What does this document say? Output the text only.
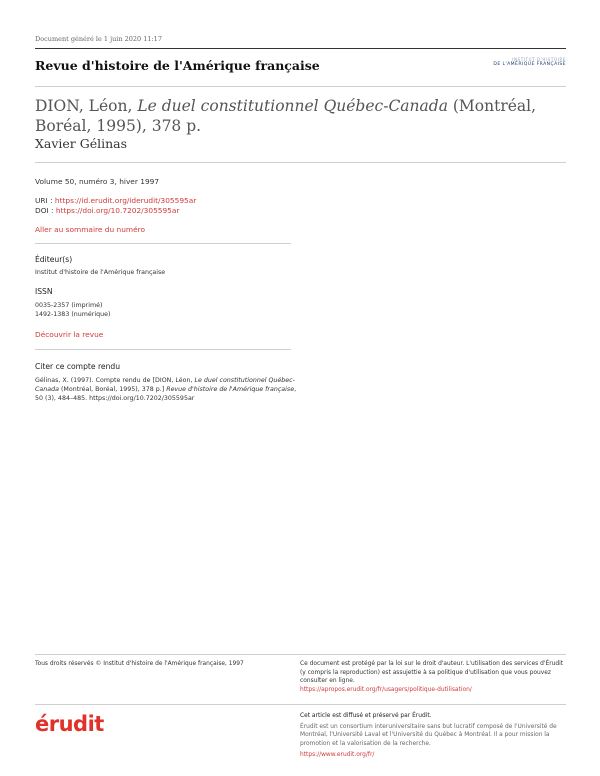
Document généré le 1 juin 2020 11:17
Revue d'histoire de l'Amérique française	INSTITUT D'HISTOIRE
DE L'AMÉRIQUE FRANÇAISE
DION, Léon, Le duel constitutionnel Québec-Canada (Montréal, Boréal, 1995), 378 p.
Xavier Gélinas
Volume 50, numéro 3, hiver 1997
URI : https://id.erudit.org/iderudit/305595ar
DOI : https://doi.org/10.7202/305595ar
Aller au sommaire du numéro
Éditeur(s)
Institut d'histoire de l'Amérique française
ISSN
0035-2357 (imprimé)
1492-1383 (numérique)
Découvrir la revue
Citer ce compte rendu
Gélinas, X. (1997). Compte rendu de [DION, Léon, Le duel constitutionnel Québec-Canada (Montréal, Boréal, 1995), 378 p.] Revue d'histoire de l'Amérique française, 50 (3), 484–485. https://doi.org/10.7202/305595ar
Tous droits réservés © Institut d'histoire de l'Amérique française, 1997	Ce document est protégé par la loi sur le droit d'auteur. L'utilisation des services d'Érudit (y compris la reproduction) est assujettie à sa politique d'utilisation que vous pouvez consulter en ligne.
https://apropos.erudit.org/fr/usagers/politique-dutilisation/
érudit	Cet article est diffusé et préservé par Érudit.
Érudit est un consortium interuniversitaire sans but lucratif composé de l'Université de Montréal, l'Université Laval et l'Université du Québec à Montréal. Il a pour mission la promotion et la valorisation de la recherche.
https://www.erudit.org/fr/
